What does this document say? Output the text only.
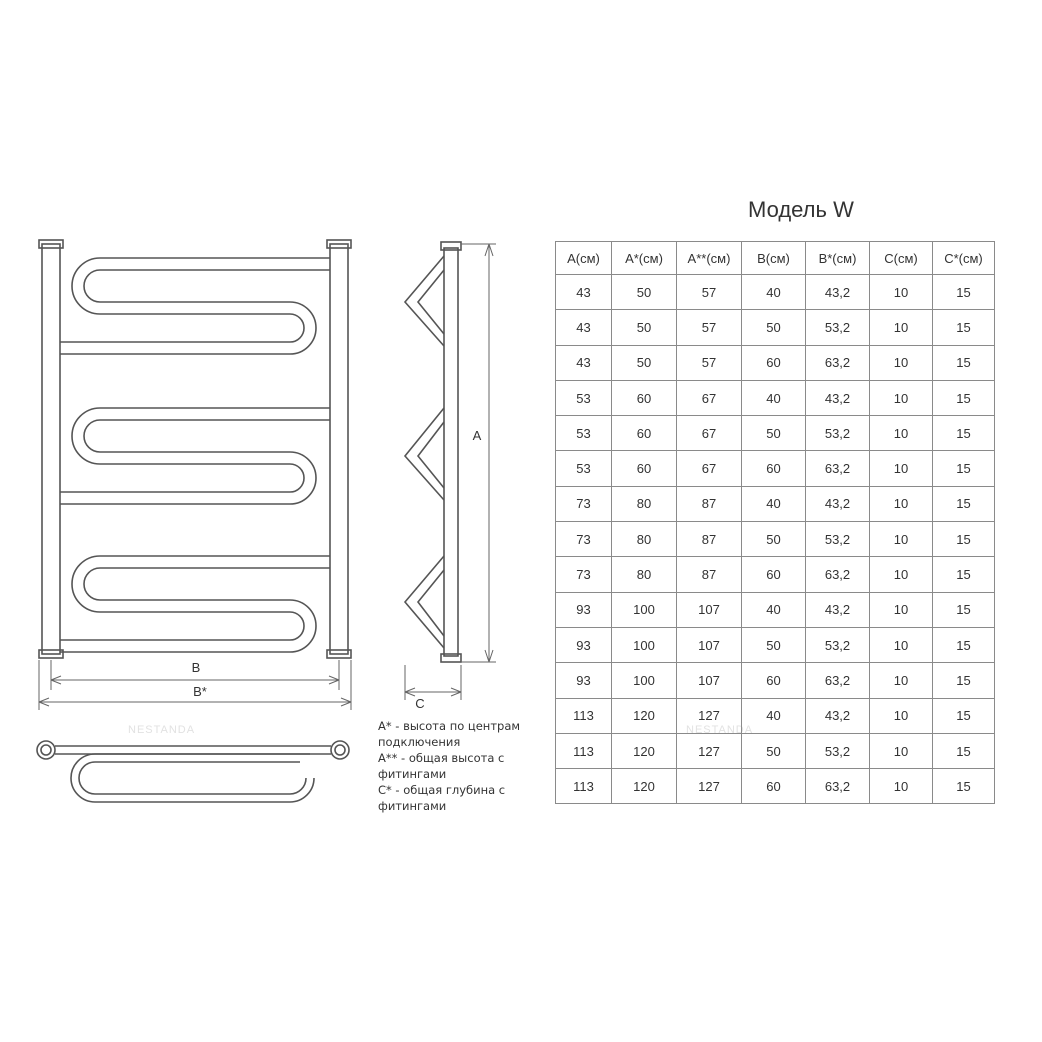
B
B*
A
C
NESTANDA	NESTANDA
A* - высота по центрам
подключения
A** - общая высота с
фитингами
C* - общая глубина с
фитингами
Модель W
A(см)	A*(см)	A**(см)	B(см)	B*(см)	C(см)	C*(см)
43	50	57	40	43,2	10	15
43	50	57	50	53,2	10	15
43	50	57	60	63,2	10	15
53	60	67	40	43,2	10	15
53	60	67	50	53,2	10	15
53	60	67	60	63,2	10	15
73	80	87	40	43,2	10	15
73	80	87	50	53,2	10	15
73	80	87	60	63,2	10	15
93	100	107	40	43,2	10	15
93	100	107	50	53,2	10	15
93	100	107	60	63,2	10	15
113	120	127	40	43,2	10	15
113	120	127	50	53,2	10	15
113	120	127	60	63,2	10	15
